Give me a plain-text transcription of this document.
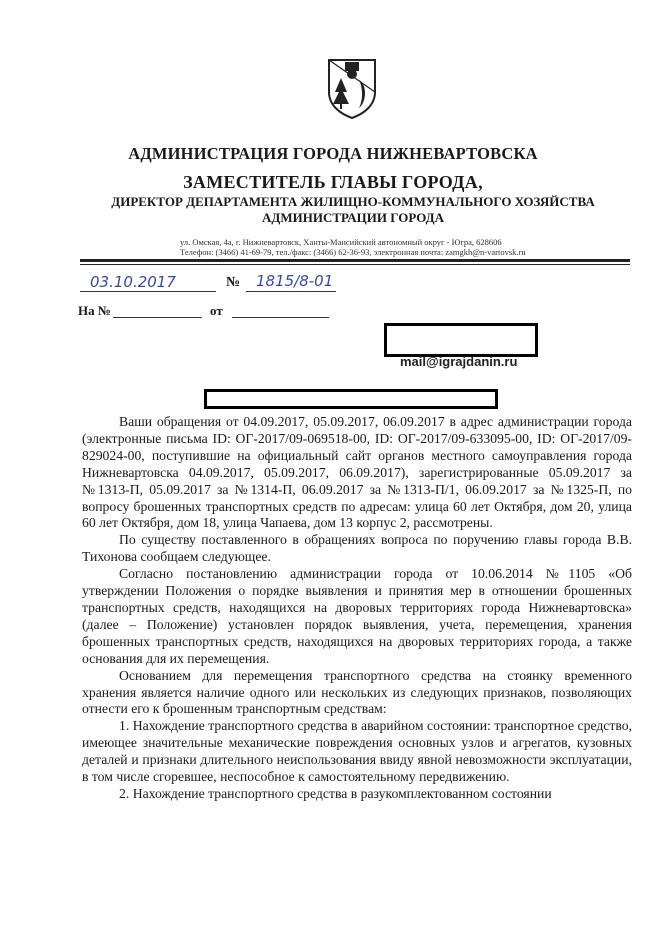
АДМИНИСТРАЦИЯ ГОРОДА НИЖНЕВАРТОВСКА
ЗАМЕСТИТЕЛЬ ГЛАВЫ ГОРОДА,
ДИРЕКТОР ДЕПАРТАМЕНТА ЖИЛИЩНО-КОММУНАЛЬНОГО ХОЗЯЙСТВА
АДМИНИСТРАЦИИ ГОРОДА
ул. Омская, 4а, г. Нижневартовск, Ханты-Мансийский автономный округ - Югра, 628606
Телефон: (3466) 41-69-79, тел./факс: (3466) 62-36-93, электронная почта: zamgkh@n-vartovsk.ru
03.10.2017	№ 1815/8-01
На №	от
mail@igrajdanin.ru

Ваши обращения от 04.09.2017, 05.09.2017, 06.09.2017 в адрес администрации города (электронные письма ID: ОГ-2017/09-069518-00, ID: ОГ-2017/09-633095-00, ID: ОГ-2017/09-829024-00, поступившие на официальный сайт органов местного самоуправления города Нижневартовска 04.09.2017, 05.09.2017, 06.09.2017), зарегистрированные 05.09.2017 за №1313-П, 05.09.2017 за №1314-П, 06.09.2017 за №1313-П/1, 06.09.2017 за №1325-П, по вопросу брошенных транспортных средств по адресам: улица 60 лет Октября, дом 20, улица 60 лет Октября, дом 18, улица Чапаева, дом 13 корпус 2, рассмотрены.

По существу поставленного в обращениях вопроса по поручению главы города В.В. Тихонова сообщаем следующее.

Согласно постановлению администрации города от 10.06.2014 №1105 «Об утверждении Положения о порядке выявления и принятия мер в отношении брошенных транспортных средств, находящихся на дворовых территориях города Нижневартовска» (далее – Положение) установлен порядок выявления, учета, перемещения, хранения брошенных транспортных средств, находящихся на дворовых территориях города, а также основания для их перемещения.

Основанием для перемещения транспортного средства на стоянку временного хранения является наличие одного или нескольких из следующих признаков, позволяющих отнести его к брошенным транспортным средствам:

1. Нахождение транспортного средства в аварийном состоянии: транспортное средство, имеющее значительные механические повреждения основных узлов и агрегатов, кузовных деталей и признаки длительного неиспользования ввиду явной невозможности эксплуатации, в том числе сгоревшее, неспособное к самостоятельному передвижению.

2. Нахождение транспортного средства в разукомплектованном состоянии
